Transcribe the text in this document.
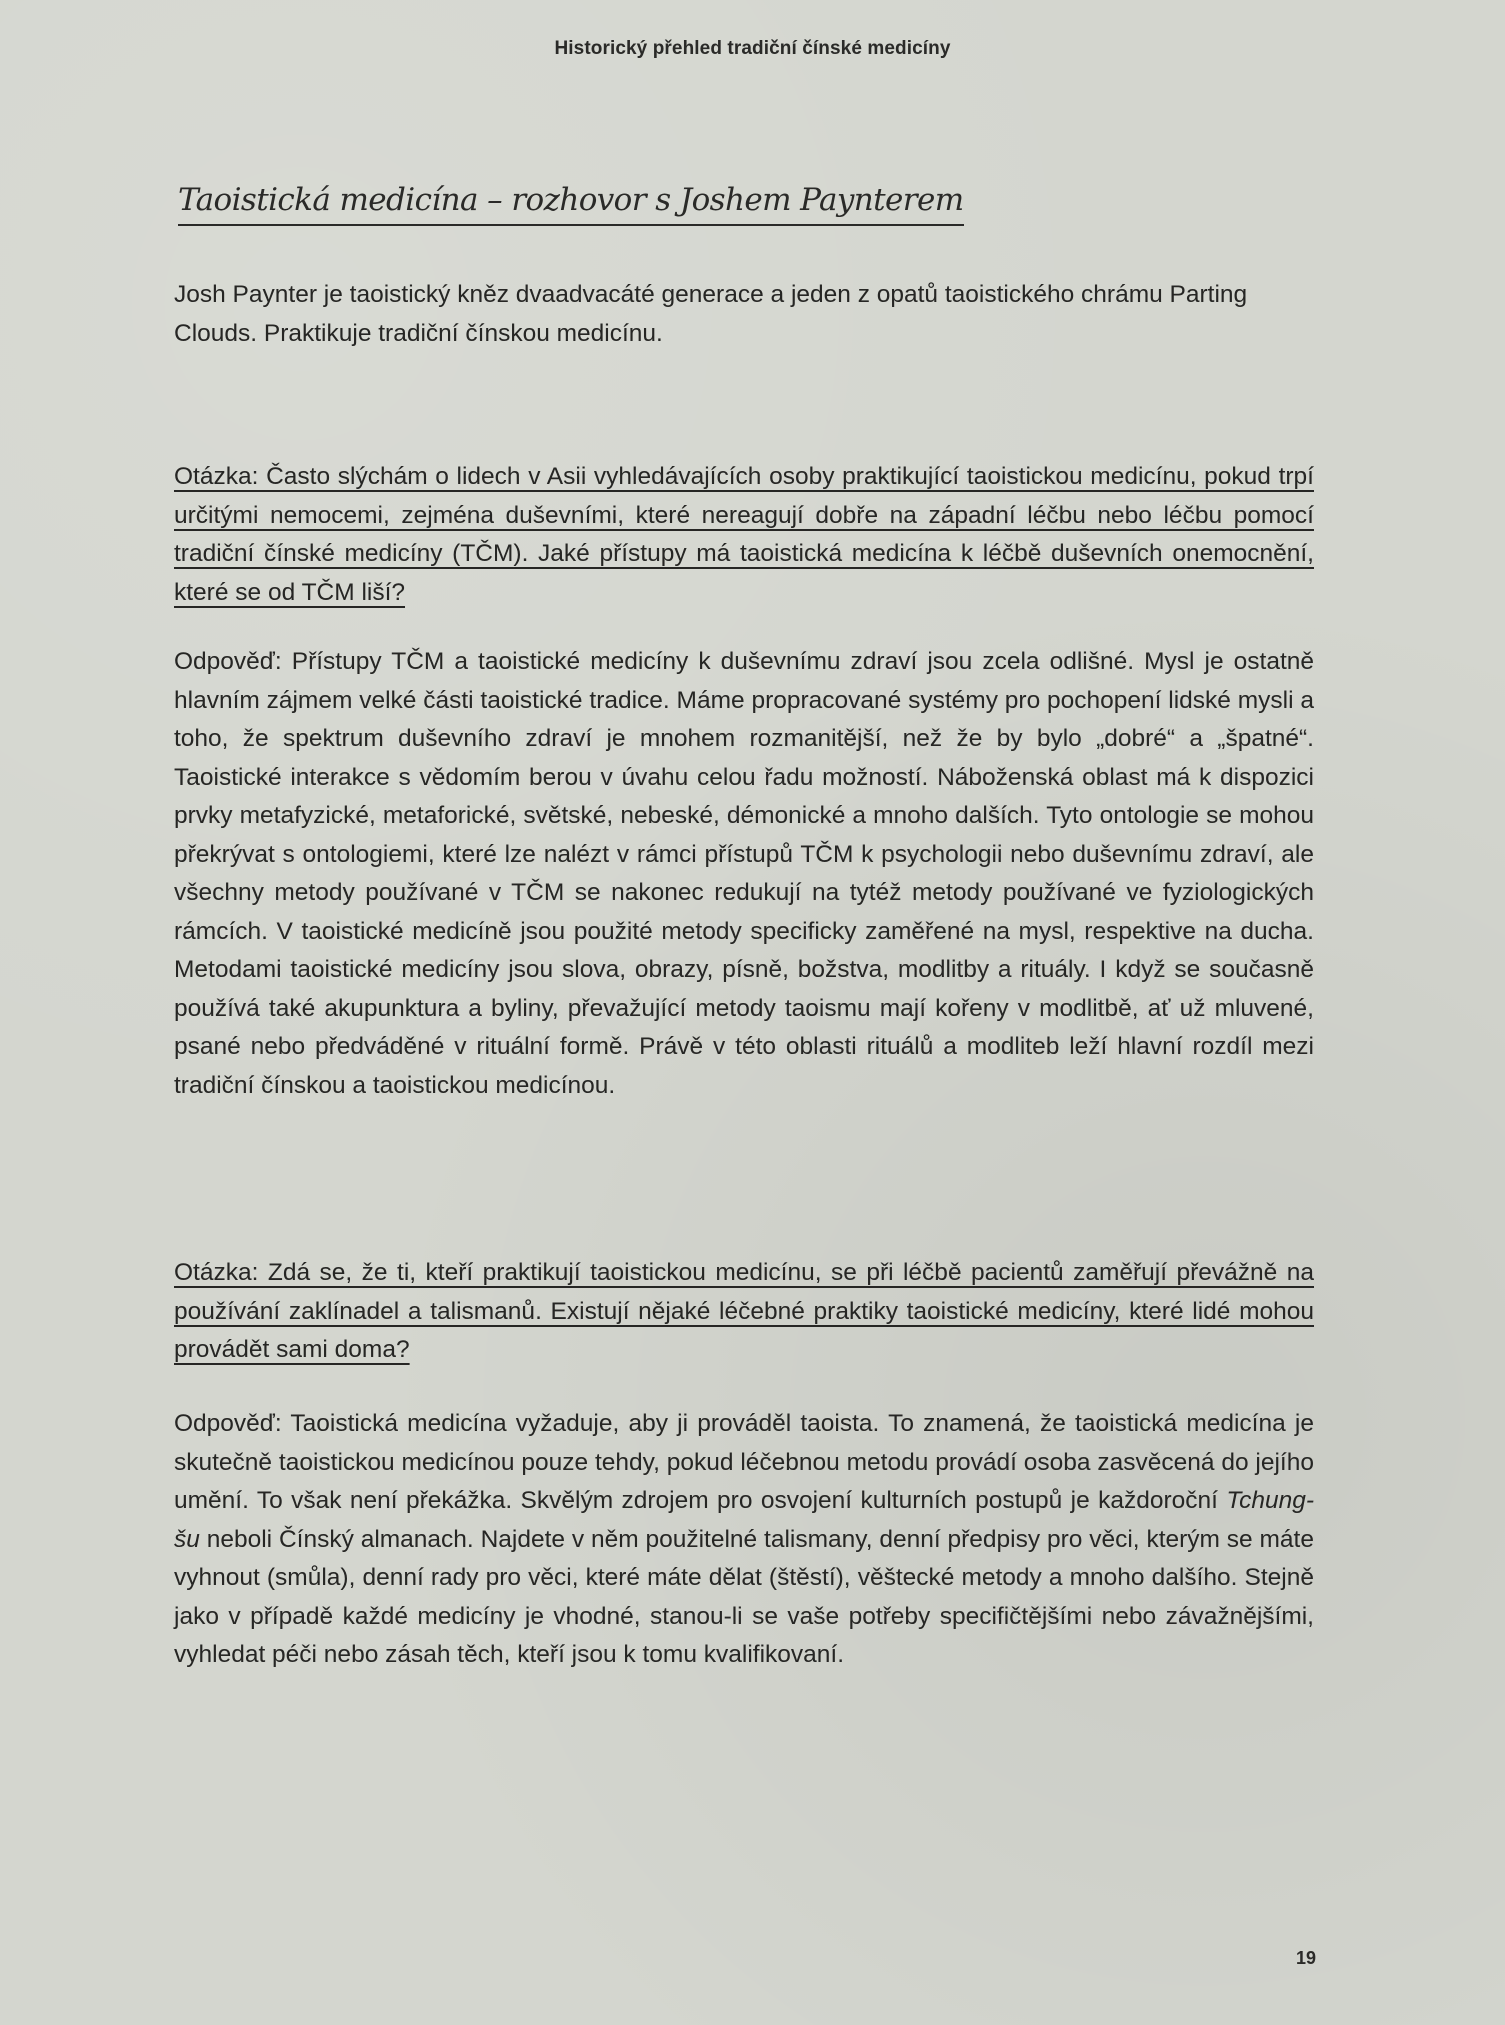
Historický přehled tradiční čínské medicíny
Taoistická medicína – rozhovor s Joshem Paynterem
Josh Paynter je taoistický kněz dvaadvacáté generace a jeden z opatů taoistického chrámu Parting Clouds. Praktikuje tradiční čínskou medicínu.
Otázka: Často slýchám o lidech v Asii vyhledávajících osoby praktikující taoistickou medicínu, pokud trpí určitými nemocemi, zejména duševními, které nereagují dobře na západní léčbu nebo léčbu pomocí tradiční čínské medicíny (TČM). Jaké přístupy má taoistická medicína k léčbě duševních onemocnění, které se od TČM liší?
Odpověď: Přístupy TČM a taoistické medicíny k duševnímu zdraví jsou zcela odlišné. Mysl je ostatně hlavním zájmem velké části taoistické tradice. Máme propracované systémy pro pochopení lidské mysli a toho, že spektrum duševního zdraví je mnohem rozmanitější, než že by bylo „dobré“ a „špatné“. Taoistické interakce s vědomím berou v úvahu celou řadu možností. Náboženská oblast má k dispozici prvky metafyzické, metaforické, světské, nebeské, démonické a mnoho dalších. Tyto ontologie se mohou překrývat s ontologiemi, které lze nalézt v rámci přístupů TČM k psychologii nebo duševnímu zdraví, ale všechny metody používané v TČM se nakonec redukují na tytéž metody používané ve fyziologických rámcích. V taoistické medicíně jsou použité metody specificky zaměřené na mysl, respektive na ducha. Metodami taoistické medicíny jsou slova, obrazy, písně, božstva, modlitby a rituály. I když se současně používá také akupunktura a byliny, převažující metody taoismu mají kořeny v modlitbě, ať už mluvené, psané nebo předváděné v rituální formě. Právě v této oblasti rituálů a modliteb leží hlavní rozdíl mezi tradiční čínskou a taoistickou medicínou.
Otázka: Zdá se, že ti, kteří praktikují taoistickou medicínu, se při léčbě pacientů zaměřují převážně na používání zaklínadel a talismanů. Existují nějaké léčebné praktiky taoistické medicíny, které lidé mohou provádět sami doma?
Odpověď: Taoistická medicína vyžaduje, aby ji prováděl taoista. To znamená, že taoistická medicína je skutečně taoistickou medicínou pouze tehdy, pokud léčebnou metodu provádí osoba zasvěcená do jejího umění. To však není překážka. Skvělým zdrojem pro osvojení kulturních postupů je každoroční Tchung-šu neboli Čínský almanach. Najdete v něm použitelné talismany, denní předpisy pro věci, kterým se máte vyhnout (smůla), denní rady pro věci, které máte dělat (štěstí), věštecké metody a mnoho dalšího. Stejně jako v případě každé medicíny je vhodné, stanou-li se vaše potřeby specifičtějšími nebo závažnějšími, vyhledat péči nebo zásah těch, kteří jsou k tomu kvalifikovaní.
19
